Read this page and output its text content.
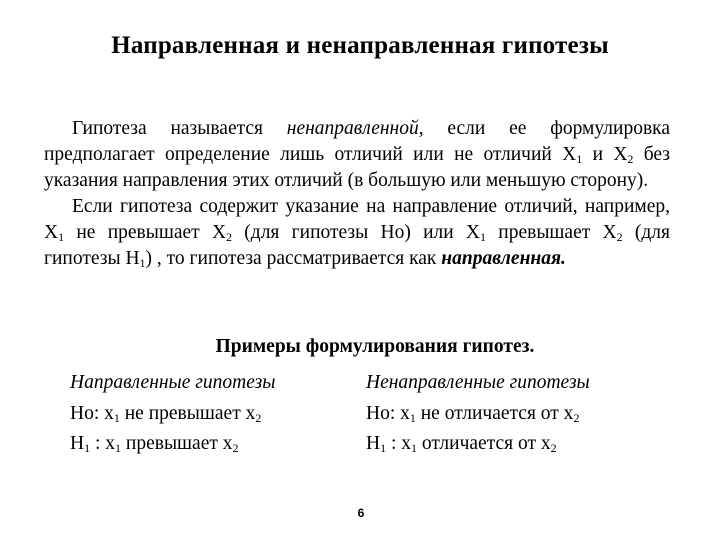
Направленная и ненаправленная гипотезы

Гипотеза называется ненаправленной, если ее формулировка предполагает определение лишь отличий или не отличий $Х_1$ и $Х_2$ без указания направления этих отличий (в большую или меньшую сторону).

Если гипотеза содержит указание на направление отличий, например, $Х_1$ не превышает $Х_2$ (для гипотезы Hо) или $Х_1$ превышает $Х_2$ (для гипотезы $H_1$) , то гипотеза рассматривается как направленная.

Примеры формулирования гипотез.
Направленные гипотезы
Hо: $х_1$ не превышает $х_2$
$H_1$ : $х_1$ превышает $х_2$
Ненаправленные гипотезы
Hо: $х_1$ не отличается от $х_2$
$H_1$ : $х_1$ отличается от $х_2$
6
